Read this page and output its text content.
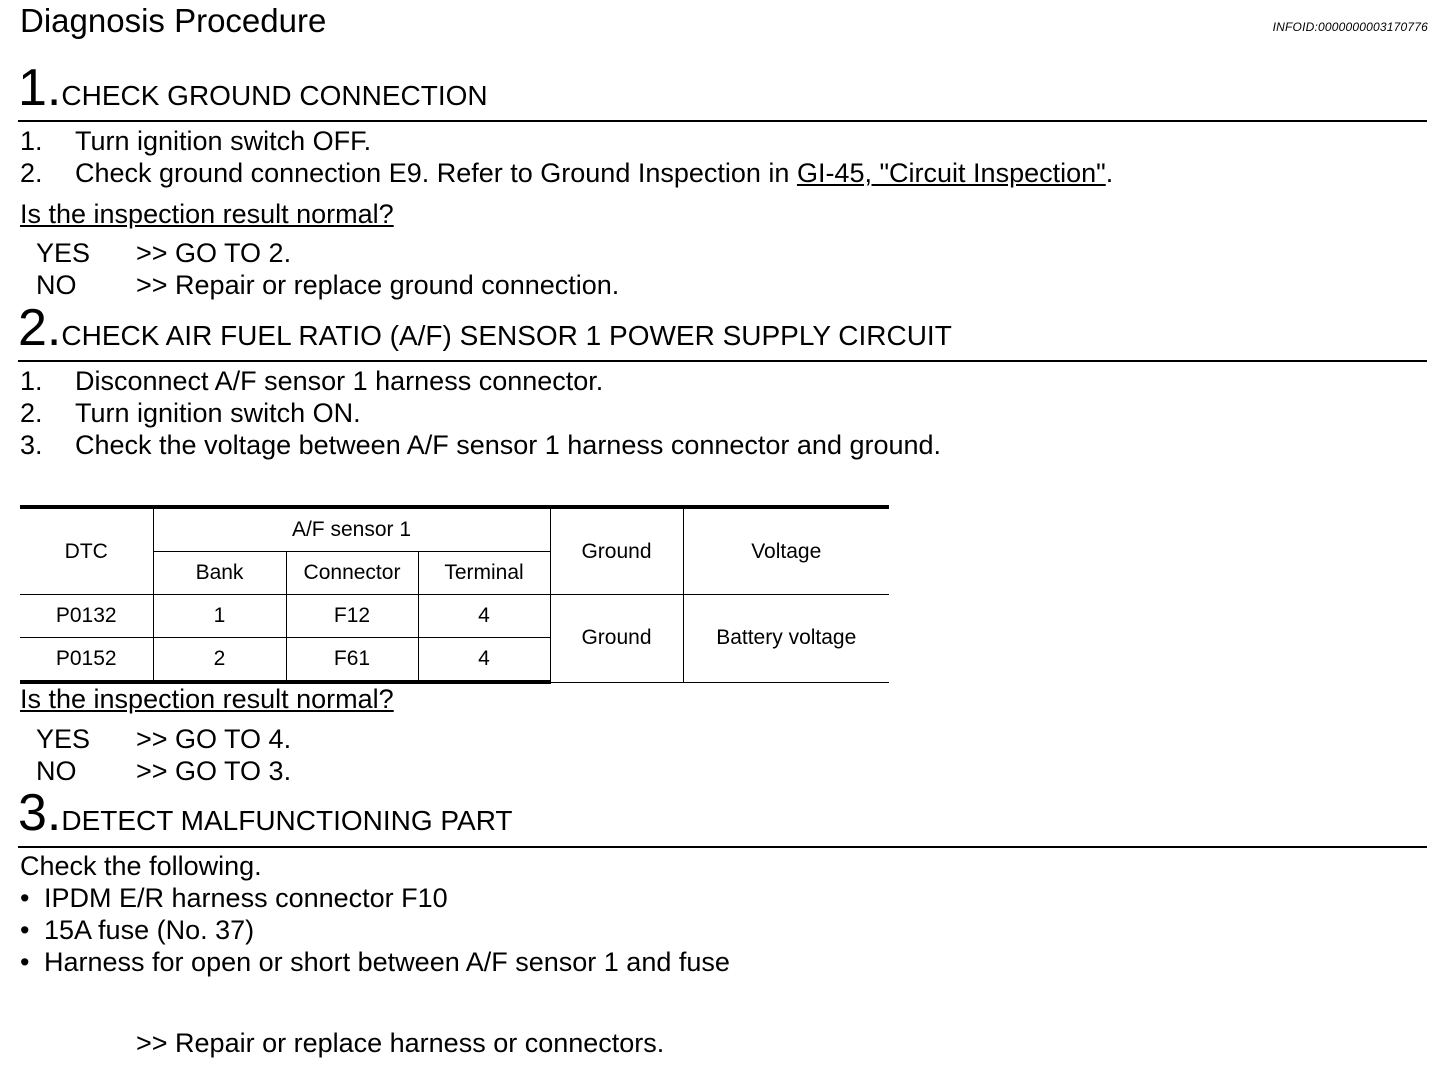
Diagnosis Procedure	INFOID:0000000003170776
1.CHECK GROUND CONNECTION
1. Turn ignition switch OFF.
2. Check ground connection E9. Refer to Ground Inspection in GI-45, "Circuit Inspection".
Is the inspection result normal?
YES >> GO TO 2.
NO >> Repair or replace ground connection.
2.CHECK AIR FUEL RATIO (A/F) SENSOR 1 POWER SUPPLY CIRCUIT
1. Disconnect A/F sensor 1 harness connector.
2. Turn ignition switch ON.
3. Check the voltage between A/F sensor 1 harness connector and ground.
DTC	A/F sensor 1			Ground	Voltage
	Bank	Connector	Terminal		
P0132	1	F12	4	Ground	Battery voltage
P0152	2	F61	4		
Is the inspection result normal?
YES >> GO TO 4.
NO >> GO TO 3.
3.DETECT MALFUNCTIONING PART
Check the following.
• IPDM E/R harness connector F10
• 15A fuse (No. 37)
• Harness for open or short between A/F sensor 1 and fuse
>> Repair or replace harness or connectors.
